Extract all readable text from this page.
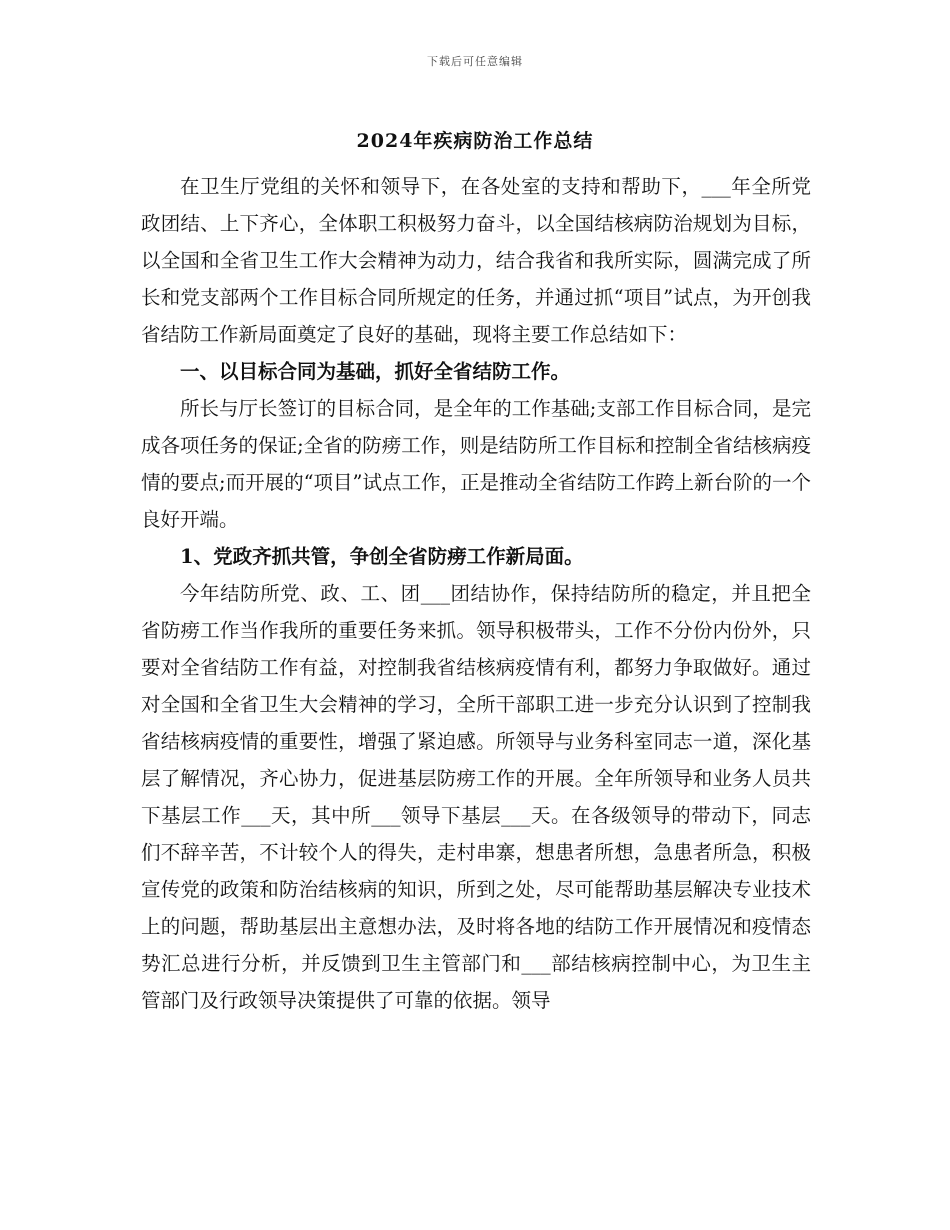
下载后可任意编辑
2024年疾病防治工作总结

在卫生厅党组的关怀和领导下，在各处室的支持和帮助下，___年全所党政团结、上下齐心，全体职工积极努力奋斗，以全国结核病防治规划为目标，以全国和全省卫生工作大会精神为动力，结合我省和我所实际，圆满完成了所长和党支部两个工作目标合同所规定的任务，并通过抓“项目”试点，为开创我省结防工作新局面奠定了良好的基础，现将主要工作总结如下：

一、以目标合同为基础，抓好全省结防工作。

所长与厅长签订的目标合同，是全年的工作基础;支部工作目标合同，是完成各项任务的保证;全省的防痨工作，则是结防所工作目标和控制全省结核病疫情的要点;而开展的“项目”试点工作，正是推动全省结防工作跨上新台阶的一个良好开端。

1、党政齐抓共管，争创全省防痨工作新局面。

今年结防所党、政、工、团___团结协作，保持结防所的稳定，并且把全省防痨工作当作我所的重要任务来抓。领导积极带头，工作不分份内份外，只要对全省结防工作有益，对控制我省结核病疫情有利，都努力争取做好。通过对全国和全省卫生大会精神的学习，全所干部职工进一步充分认识到了控制我省结核病疫情的重要性，增强了紧迫感。所领导与业务科室同志一道，深化基层了解情况，齐心协力，促进基层防痨工作的开展。全年所领导和业务人员共下基层工作___天，其中所___领导下基层___天。在各级领导的带动下，同志们不辞辛苦，不计较个人的得失，走村串寨，想患者所想，急患者所急，积极宣传党的政策和防治结核病的知识，所到之处，尽可能帮助基层解决专业技术上的问题，帮助基层出主意想办法，及时将各地的结防工作开展情况和疫情态势汇总进行分析，并反馈到卫生主管部门和___部结核病控制中心，为卫生主管部门及行政领导决策提供了可靠的依据。领导
